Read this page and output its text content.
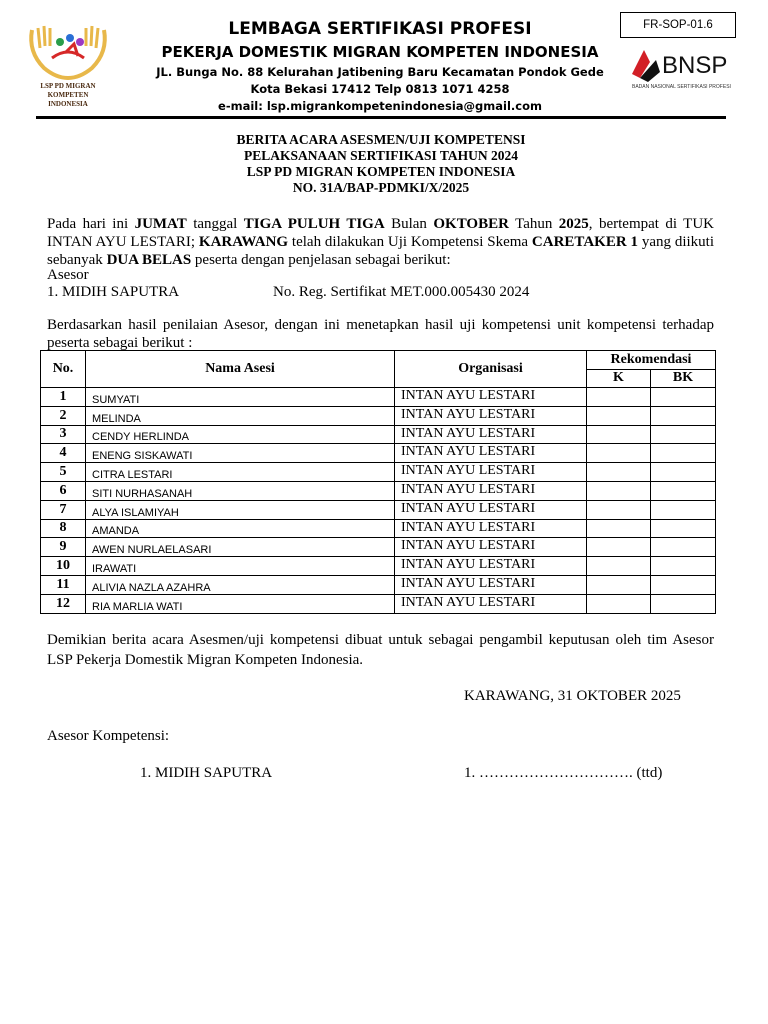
LSP PD MIGRAN KOMPETEN
INDONESIA
LEMBAGA SERTIFIKASI PROFESI
PEKERJA DOMESTIK MIGRAN KOMPETEN INDONESIA
JL. Bunga No. 88 Kelurahan Jatibening Baru Kecamatan Pondok Gede
Kota Bekasi 17412 Telp 0813 1071 4258
e-mail: lsp.migrankompetenindonesia@gmail.com
FR-SOP-01.6
BNSP
BADAN NASIONAL SERTIFIKASI PROFESI
BERITA ACARA ASESMEN/UJI KOMPETENSI
PELAKSANAAN SERTIFIKASI TAHUN 2024
LSP PD MIGRAN KOMPETEN INDONESIA
NO. 31A/BAP-PDMKI/X/2025
Pada hari ini JUMAT tanggal TIGA PULUH TIGA Bulan OKTOBER Tahun 2025, bertempat di TUK INTAN AYU LESTARI; KARAWANG telah dilakukan Uji Kompetensi Skema CARETAKER 1 yang diikuti sebanyak DUA BELAS peserta dengan penjelasan sebagai berikut:
Asesor
1. MIDIH SAPUTRA	No. Reg. Sertifikat MET.000.005430 2024
Berdasarkan hasil penilaian Asesor, dengan ini menetapkan hasil uji kompetensi unit kompetensi terhadap peserta sebagai berikut :
No.	Nama Asesi	Organisasi	Rekomendasi	
			K	BK
1	SUMYATI	INTAN AYU LESTARI		
2	MELINDA	INTAN AYU LESTARI		
3	CENDY HERLINDA	INTAN AYU LESTARI		
4	ENENG SISKAWATI	INTAN AYU LESTARI		
5	CITRA LESTARI	INTAN AYU LESTARI		
6	SITI NURHASANAH	INTAN AYU LESTARI		
7	ALYA ISLAMIYAH	INTAN AYU LESTARI		
8	AMANDA	INTAN AYU LESTARI		
9	AWEN NURLAELASARI	INTAN AYU LESTARI		
10	IRAWATI	INTAN AYU LESTARI		
11	ALIVIA NAZLA AZAHRA	INTAN AYU LESTARI		
12	RIA MARLIA WATI	INTAN AYU LESTARI		
Demikian berita acara Asesmen/uji kompetensi dibuat untuk sebagai pengambil keputusan oleh tim Asesor LSP Pekerja Domestik Migran Kompeten Indonesia.
KARAWANG, 31 OKTOBER 2025
Asesor Kompetensi:
1. MIDIH SAPUTRA	1. …………………………. (ttd)
